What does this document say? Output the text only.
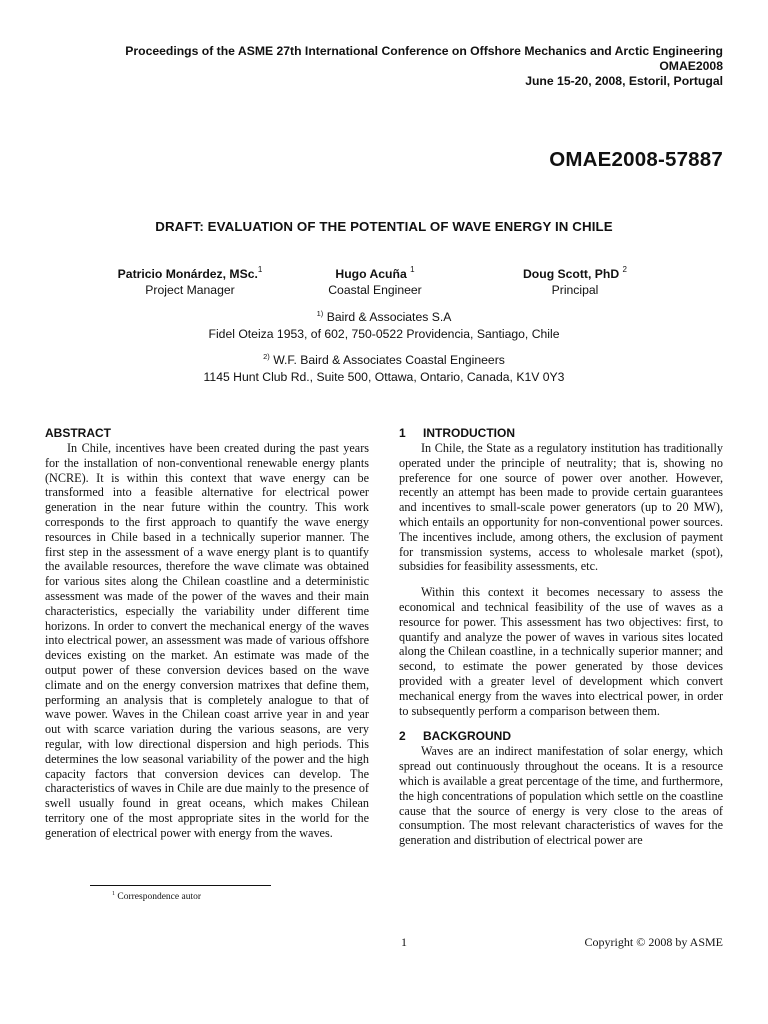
Proceedings of the ASME 27th International Conference on Offshore Mechanics and Arctic Engineering
OMAE2008
June 15-20, 2008, Estoril, Portugal
OMAE2008-57887
DRAFT: EVALUATION OF THE POTENTIAL OF WAVE ENERGY IN CHILE
Patricio Monárdez, MSc.$^1$
Project Manager
Hugo Acuña $^1$
Coastal Engineer
Doug Scott, PhD $^2$
Principal
$^{1)}$ Baird & Associates S.A
Fidel Oteiza 1953, of 602, 750-0522 Providencia, Santiago, Chile
$^{2)}$ W.F. Baird & Associates Coastal Engineers
1145 Hunt Club Rd., Suite 500, Ottawa, Ontario, Canada, K1V 0Y3

ABSTRACT

In Chile, incentives have been created during the past years for the installation of non-conventional renewable energy plants (NCRE). It is within this context that wave energy can be transformed into a feasible alternative for electrical power generation in the near future within the country. This work corresponds to the first approach to quantify the wave energy resources in Chile based in a technically superior manner. The first step in the assessment of a wave energy plant is to quantify the available resources, therefore the wave climate was obtained for various sites along the Chilean coastline and a deterministic assessment was made of the power of the waves and their main characteristics, especially the variability under different time horizons. In order to convert the mechanical energy of the waves into electrical power, an assessment was made of various offshore devices existing on the market. An estimate was made of the output power of these conversion devices based on the wave climate and on the energy conversion matrixes that define them, performing an analysis that is completely analogue to that of wave power. Waves in the Chilean coast arrive year in and year out with scarce variation during the various seasons, are very regular, with low directional dispersion and high periods. This determines the low seasonal variability of the power and the high capacity factors that conversion devices can develop. The characteristics of waves in Chile are due mainly to the presence of swell usually found in great oceans, which makes Chilean territory one of the most appropriate sites in the world for the generation of electrical power with energy from the waves.

1 INTRODUCTION

In Chile, the State as a regulatory institution has traditionally operated under the principle of neutrality; that is, showing no preference for one source of power over another. However, recently an attempt has been made to provide certain guarantees and incentives to small-scale power generators (up to 20 MW), which entails an opportunity for non-conventional power sources. The incentives include, among others, the exclusion of payment for transmission systems, access to wholesale market (spot), subsidies for feasibility assessments, etc.

Within this context it becomes necessary to assess the economical and technical feasibility of the use of waves as a resource for power. This assessment has two objectives: first, to quantify and analyze the power of waves in various sites located along the Chilean coastline, in a technically superior manner; and second, to estimate the power generated by those devices provided with a greater level of development which convert mechanical energy from the waves into electrical power, in order to subsequently perform a comparison between them.

2 BACKGROUND

Waves are an indirect manifestation of solar energy, which spread out continuously throughout the oceans. It is a resource which is available a great percentage of the time, and furthermore, the high concentrations of population which settle on the coastline cause that the source of energy is very close to the areas of consumption. The most relevant characteristics of waves for the generation and distribution of electrical power are

$^1$ Correspondence autor
1	Copyright © 2008 by ASME
